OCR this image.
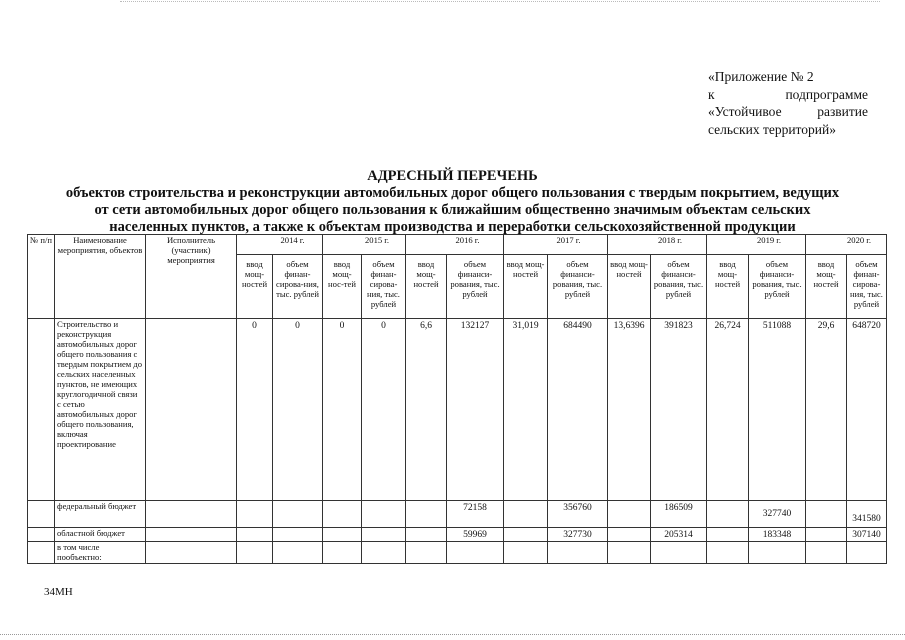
«Приложение № 2
к	подпрограмме
«Устойчивое	развитие
сельских территорий»
АДРЕСНЫЙ ПЕРЕЧЕНЬ
объектов строительства и реконструкции автомобильных дорог общего пользования с твердым покрытием, ведущих
от сети автомобильных дорог общего пользования к ближайшим общественно значимым объектам сельских
населенных пунктов, а также к объектам производства и переработки сельскохозяйственной продукции
№ п/п	Наименование мероприятия, объектов	Исполнитель (участник) мероприятия	2014 г.		2015 г.		2016 г.		2017 г.		2018 г.		2019 г.		2020 г.	
			ввод мощ-ностей	объем финан-сирова-ния, тыс. рублей	ввод мощ-нос-тей	объем финан-сирова-ния, тыс. рублей	ввод мощ-ностей	объем финанси-рования, тыс. рублей	ввод мощ-ностей	объем финанси-рования, тыс. рублей	ввод мощ-ностей	объем финанси-рования, тыс. рублей	ввод мощ-ностей	объем финанси-рования, тыс. рублей	ввод мощ-ностей	объем финан-сирова-ния, тыс. рублей
	Строительство и реконструкция автомобильных дорог общего пользования с твердым покрытием до сельских населенных пунктов, не имеющих круглогодичной связи с сетью автомобильных дорог общего пользования, включая проектирование		0	0	0	0	6,6	132127	31,019	684490	13,6396	391823	26,724	511088	29,6	648720
	федеральный бюджет							72158		356760		186509		327740		341580
	областной бюджет							59969		327730		205314		183348		307140
	в том числе пообъектно:															
34МН
